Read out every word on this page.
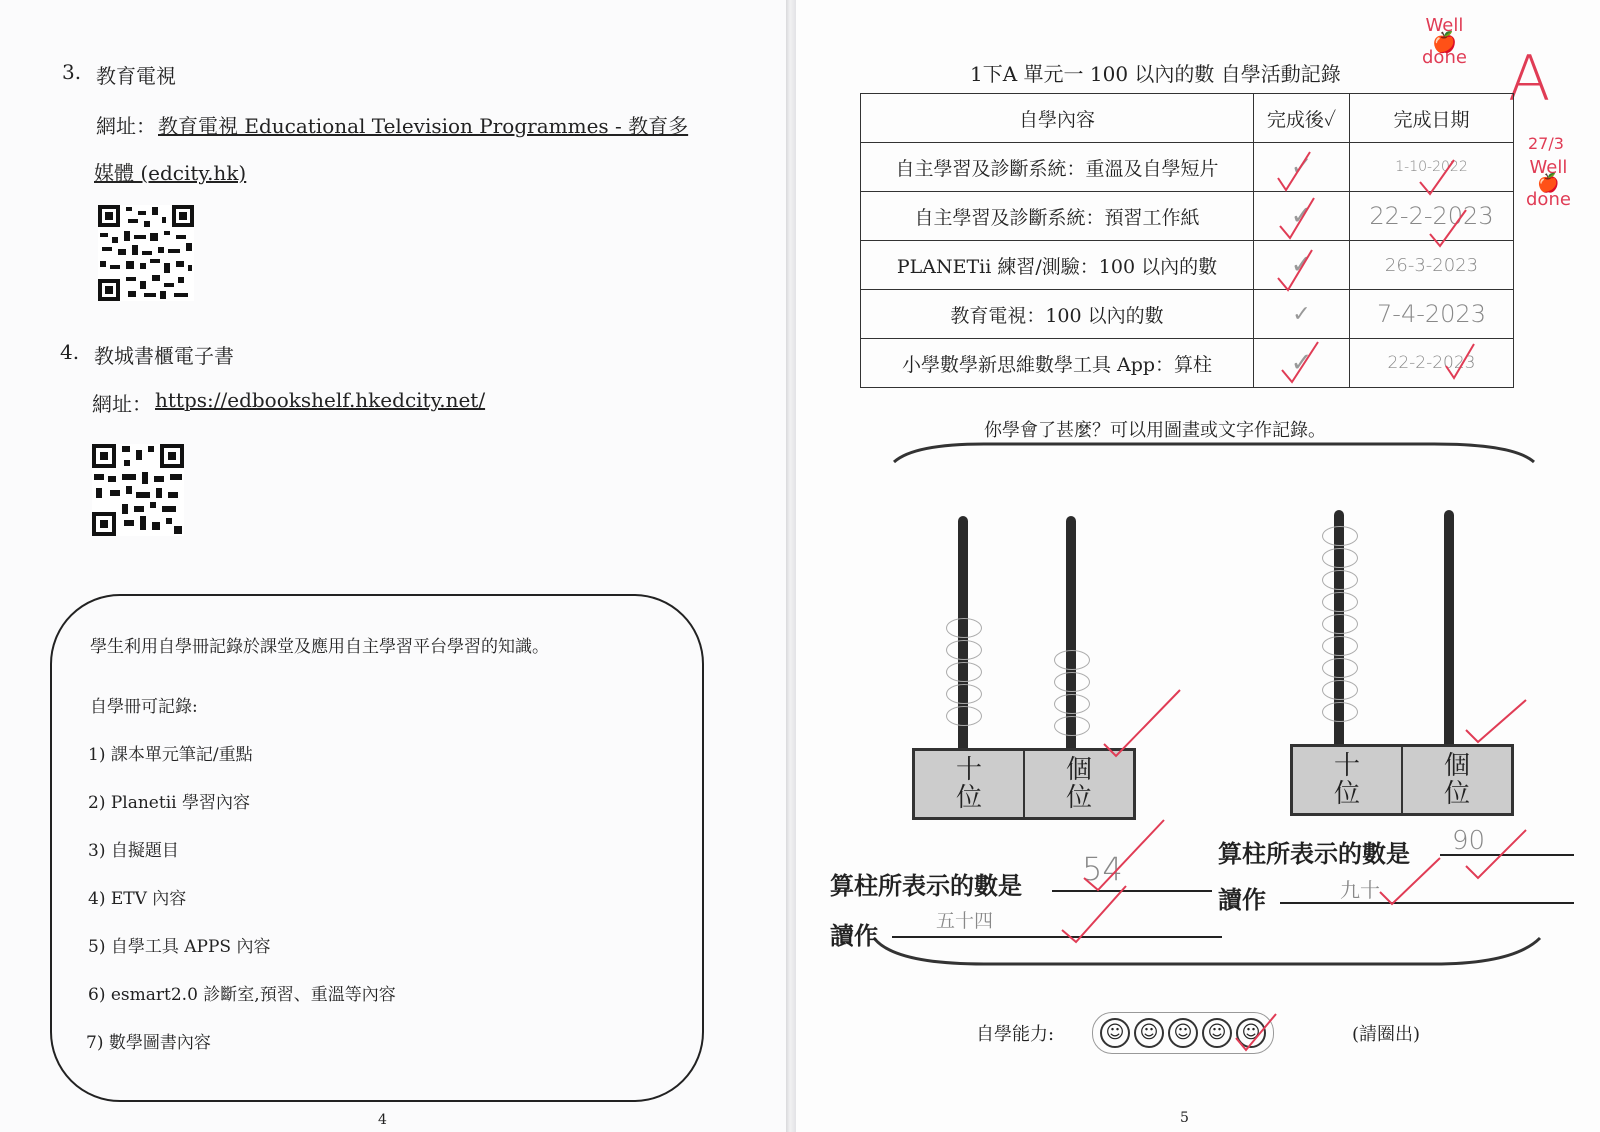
3. 教育電視
網址： 教育電視 Educational Television Programmes - 教育多
媒體 (edcity.hk)
4. 教城書櫃電子書
網址： https://edbookshelf.hkedcity.net/
學生利用自學冊記錄於課堂及應用自主學習平台學習的知識。
自學冊可記錄:
1) 課本單元筆記/重點
2) Planetii 學習內容
3) 自擬題目
4) ETV 內容
5) 自學工具 APPS 內容
6) esmart2.0 診斷室,預習、重溫等內容
7) 數學圖書內容
4
1下A 單元一 100 以內的數 自學活動記錄
Well
🍎
done A
27/3
Well
🍎
done
自學內容	完成後✓	完成日期
自主學習及診斷系統：重溫及自學短片	✓	1-10-2022
自主學習及診斷系統：預習工作紙	✓	22-2-2023
PLANETii 練習/測驗：100 以內的數	✓	26-3-2023
教育電視：100 以內的數	✓	7-4-2023
小學數學新思維數學工具 App：算柱	✓	22-2-2023
你學會了甚麼？可以用圖畫或文字作記錄。
十
位
個
位
十
位
個
位
算柱所表示的數是 54
讀作
五十四
算柱所表示的數是 90
讀作	九十
自學能力:	☺ ☺ ☺ ☺ ☺	(請圈出)
5
